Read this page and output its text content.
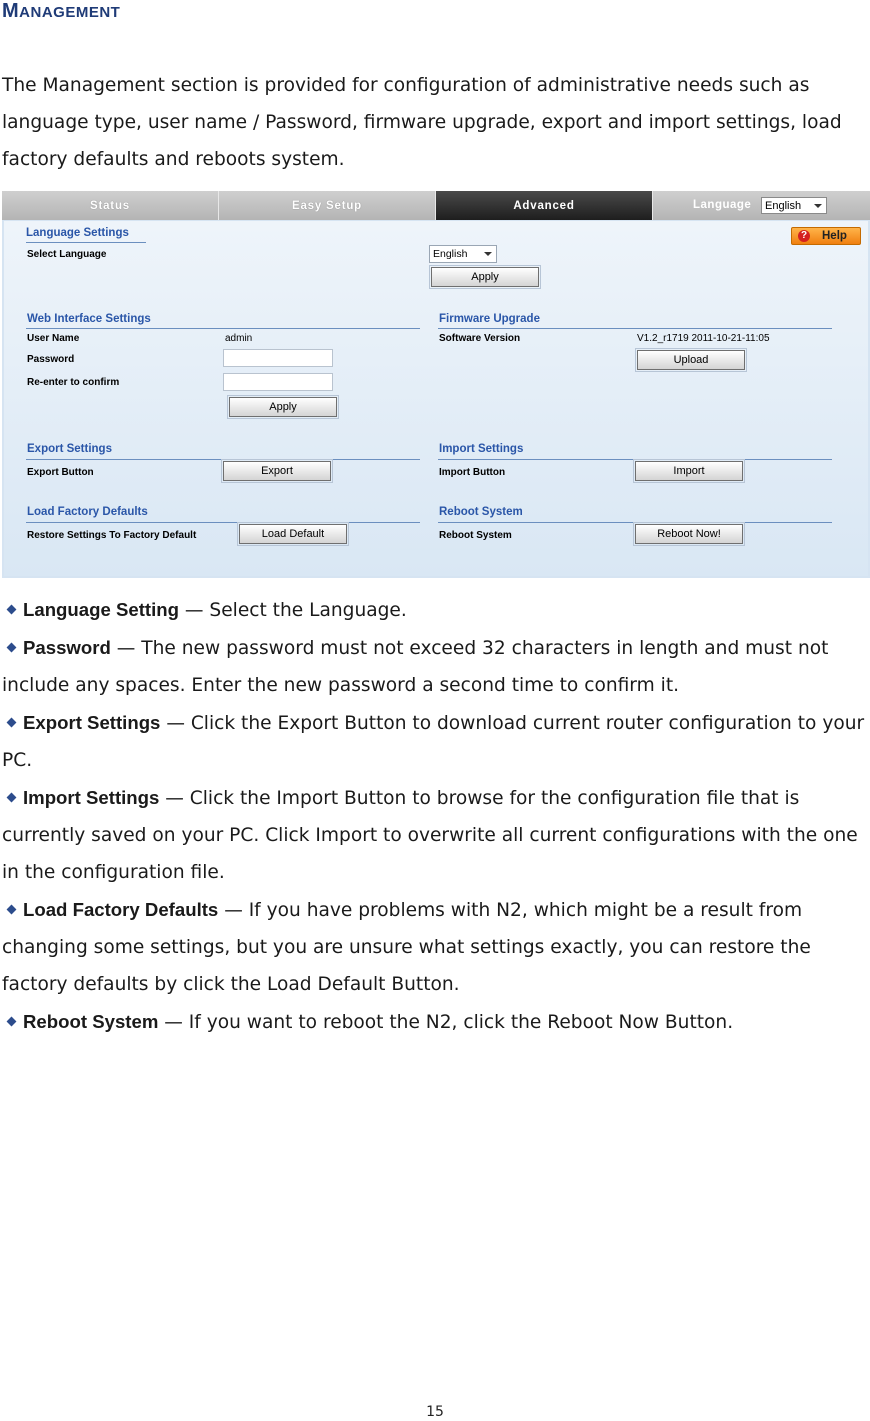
MANAGEMENT

The Management section is provided for configuration of administrative needs such as language type, user name / Password, firmware upgrade, export and import settings, load factory defaults and reboots system.

Status	Easy Setup	Advanced	Language	English
? Help
Language Settings
Select Language	English
Apply
Web Interface Settings
User Name	admin
Password
Re-enter to confirm
Apply
Firmware Upgrade
Software Version	V1.2_r1719 2011-10-21-11:05
Upload
Export Settings
Export Button	Export
Import Settings
Import Button	Import
Load Factory Defaults
Restore Settings To Factory Default	Load Default
Reboot System
Reboot System	Reboot Now!

Language Setting — Select the Language.

Password — The new password must not exceed 32 characters in length and must not include any spaces. Enter the new password a second time to confirm it.

Export Settings — Click the Export Button to download current router configuration to your PC.

Import Settings — Click the Import Button to browse for the configuration file that is currently saved on your PC. Click Import to overwrite all current configurations with the one in the configuration file.

Load Factory Defaults — If you have problems with N2, which might be a result from changing some settings, but you are unsure what settings exactly, you can restore the factory defaults by click the Load Default Button.

Reboot System — If you want to reboot the N2, click the Reboot Now Button.

15
